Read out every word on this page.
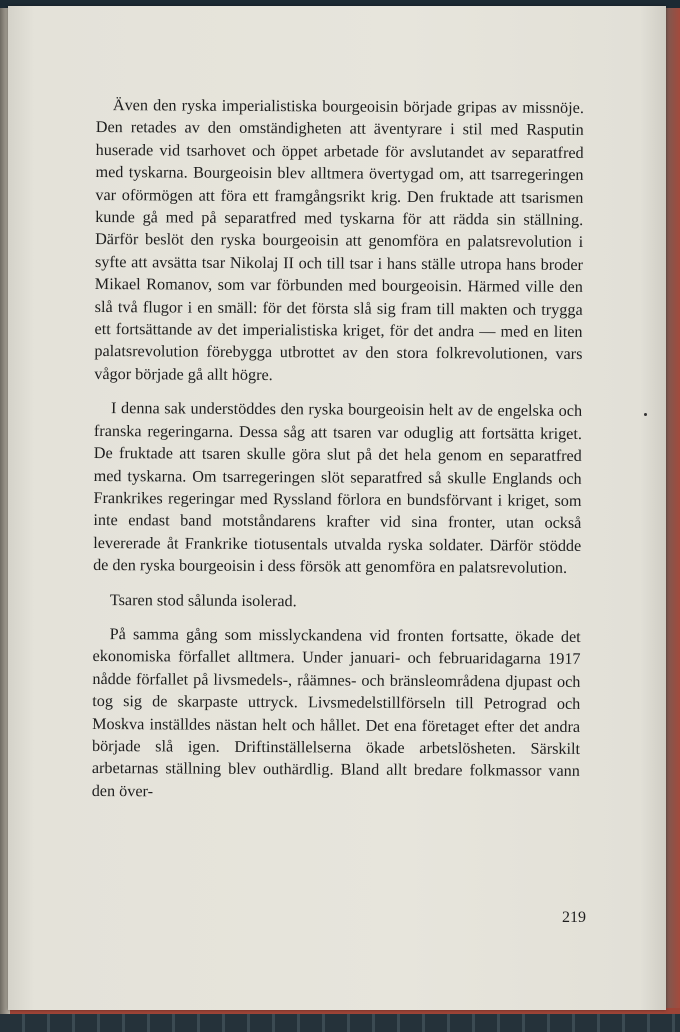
Även den ryska imperialistiska bourgeoisin började gripas av missnöje. Den retades av den omständigheten att äventyrare i stil med Rasputin huserade vid tsarhovet och öppet arbetade för avslutandet av separatfred med tyskarna. Bourgeoisin blev alltmera övertygad om, att tsarregeringen var oförmögen att föra ett framgångsrikt krig. Den fruktade att tsarismen kunde gå med på separatfred med tyskarna för att rädda sin ställning. Därför beslöt den ryska bourgeoisin att genomföra en palatsrevolution i syfte att avsätta tsar Nikolaj II och till tsar i hans ställe utropa hans broder Mikael Romanov, som var förbunden med bourgeoisin. Härmed ville den slå två flugor i en smäll: för det första slå sig fram till makten och trygga ett fortsättande av det imperialistiska kriget, för det andra — med en liten palatsrevolution förebygga utbrottet av den stora folkrevolutionen, vars vågor började gå allt högre.

I denna sak understöddes den ryska bourgeoisin helt av de engelska och franska regeringarna. Dessa såg att tsaren var oduglig att fortsätta kriget. De fruktade att tsaren skulle göra slut på det hela genom en separatfred med tyskarna. Om tsarregeringen slöt separatfred så skulle Englands och Frankrikes regeringar med Ryssland förlora en bundsförvant i kriget, som inte endast band motståndarens krafter vid sina fronter, utan också levererade åt Frankrike tiotusentals utvalda ryska soldater. Därför stödde de den ryska bourgeoisin i dess försök att genomföra en palatsrevolution.

Tsaren stod sålunda isolerad.

På samma gång som misslyckandena vid fronten fortsatte, ökade det ekonomiska förfallet alltmera. Under januari- och februaridagarna 1917 nådde förfallet på livsmedels-, råämnes- och bränsleområdena djupast och tog sig de skarpaste uttryck. Livsmedelstillförseln till Petrograd och Moskva inställdes nästan helt och hållet. Det ena företaget efter det andra började slå igen. Driftinställelserna ökade arbetslösheten. Särskilt arbetarnas ställning blev outhärdlig. Bland allt bredare folkmassor vann den över-

219
